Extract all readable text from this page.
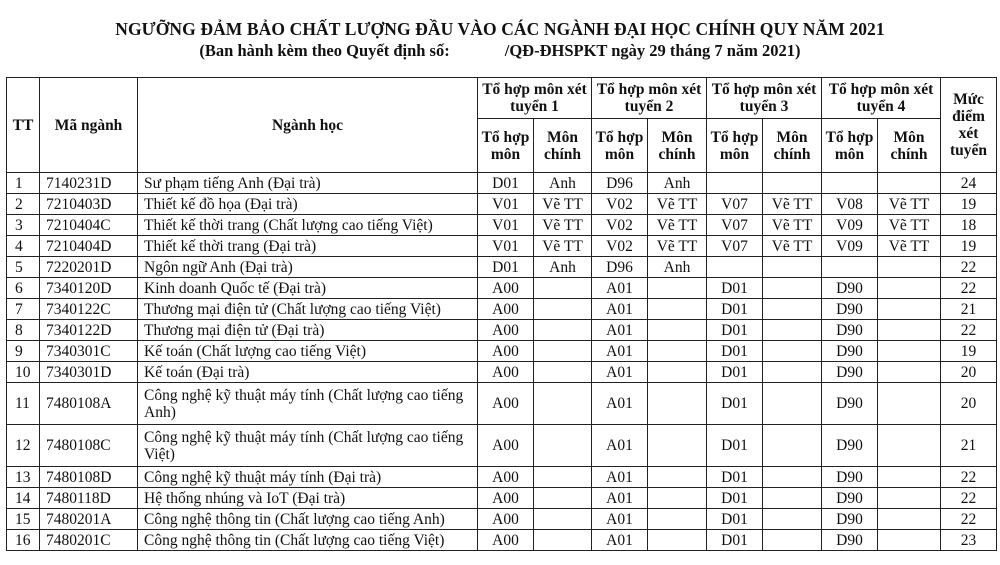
NGƯỠNG ĐẢM BẢO CHẤT LƯỢNG ĐẦU VÀO CÁC NGÀNH ĐẠI HỌC CHÍNH QUY NĂM 2021
(Ban hành kèm theo Quyết định số:	/QĐ-ĐHSPKT ngày 29 tháng 7 năm 2021)
TT	Mã ngành	Ngành học	Tổ hợp môn xét tuyển 1		Tổ hợp môn xét tuyển 2		Tổ hợp môn xét tuyển 3		Tổ hợp môn xét tuyển 4		Mức điểm xét tuyển
			Tổ hợp môn	Môn chính	Tổ hợp môn	Môn chính	Tổ hợp môn	Môn chính	Tổ hợp môn	Môn chính	
1	7140231D	Sư phạm tiếng Anh (Đại trà)	D01	Anh	D96	Anh					24
2	7210403D	Thiết kế đồ họa (Đại trà)	V01	Vẽ TT	V02	Vẽ TT	V07	Vẽ TT	V08	Vẽ TT	19
3	7210404C	Thiết kế thời trang (Chất lượng cao tiếng Việt)	V01	Vẽ TT	V02	Vẽ TT	V07	Vẽ TT	V09	Vẽ TT	18
4	7210404D	Thiết kế thời trang (Đại trà)	V01	Vẽ TT	V02	Vẽ TT	V07	Vẽ TT	V09	Vẽ TT	19
5	7220201D	Ngôn ngữ Anh (Đại trà)	D01	Anh	D96	Anh					22
6	7340120D	Kinh doanh Quốc tế (Đại trà)	A00		A01		D01		D90		22
7	7340122C	Thương mại điện tử (Chất lượng cao tiếng Việt)	A00		A01		D01		D90		21
8	7340122D	Thương mại điện tử (Đại trà)	A00		A01		D01		D90		22
9	7340301C	Kế toán (Chất lượng cao tiếng Việt)	A00		A01		D01		D90		19
10	7340301D	Kế toán (Đại trà)	A00		A01		D01		D90		20
11	7480108A	Công nghệ kỹ thuật máy tính (Chất lượng cao tiếng Anh)	A00		A01		D01		D90		20
12	7480108C	Công nghệ kỹ thuật máy tính (Chất lượng cao tiếng Việt)	A00		A01		D01		D90		21
13	7480108D	Công nghệ kỹ thuật máy tính (Đại trà)	A00		A01		D01		D90		22
14	7480118D	Hệ thống nhúng và IoT (Đại trà)	A00		A01		D01		D90		22
15	7480201A	Công nghệ thông tin (Chất lượng cao tiếng Anh)	A00		A01		D01		D90		22
16	7480201C	Công nghệ thông tin (Chất lượng cao tiếng Việt)	A00		A01		D01		D90		23
